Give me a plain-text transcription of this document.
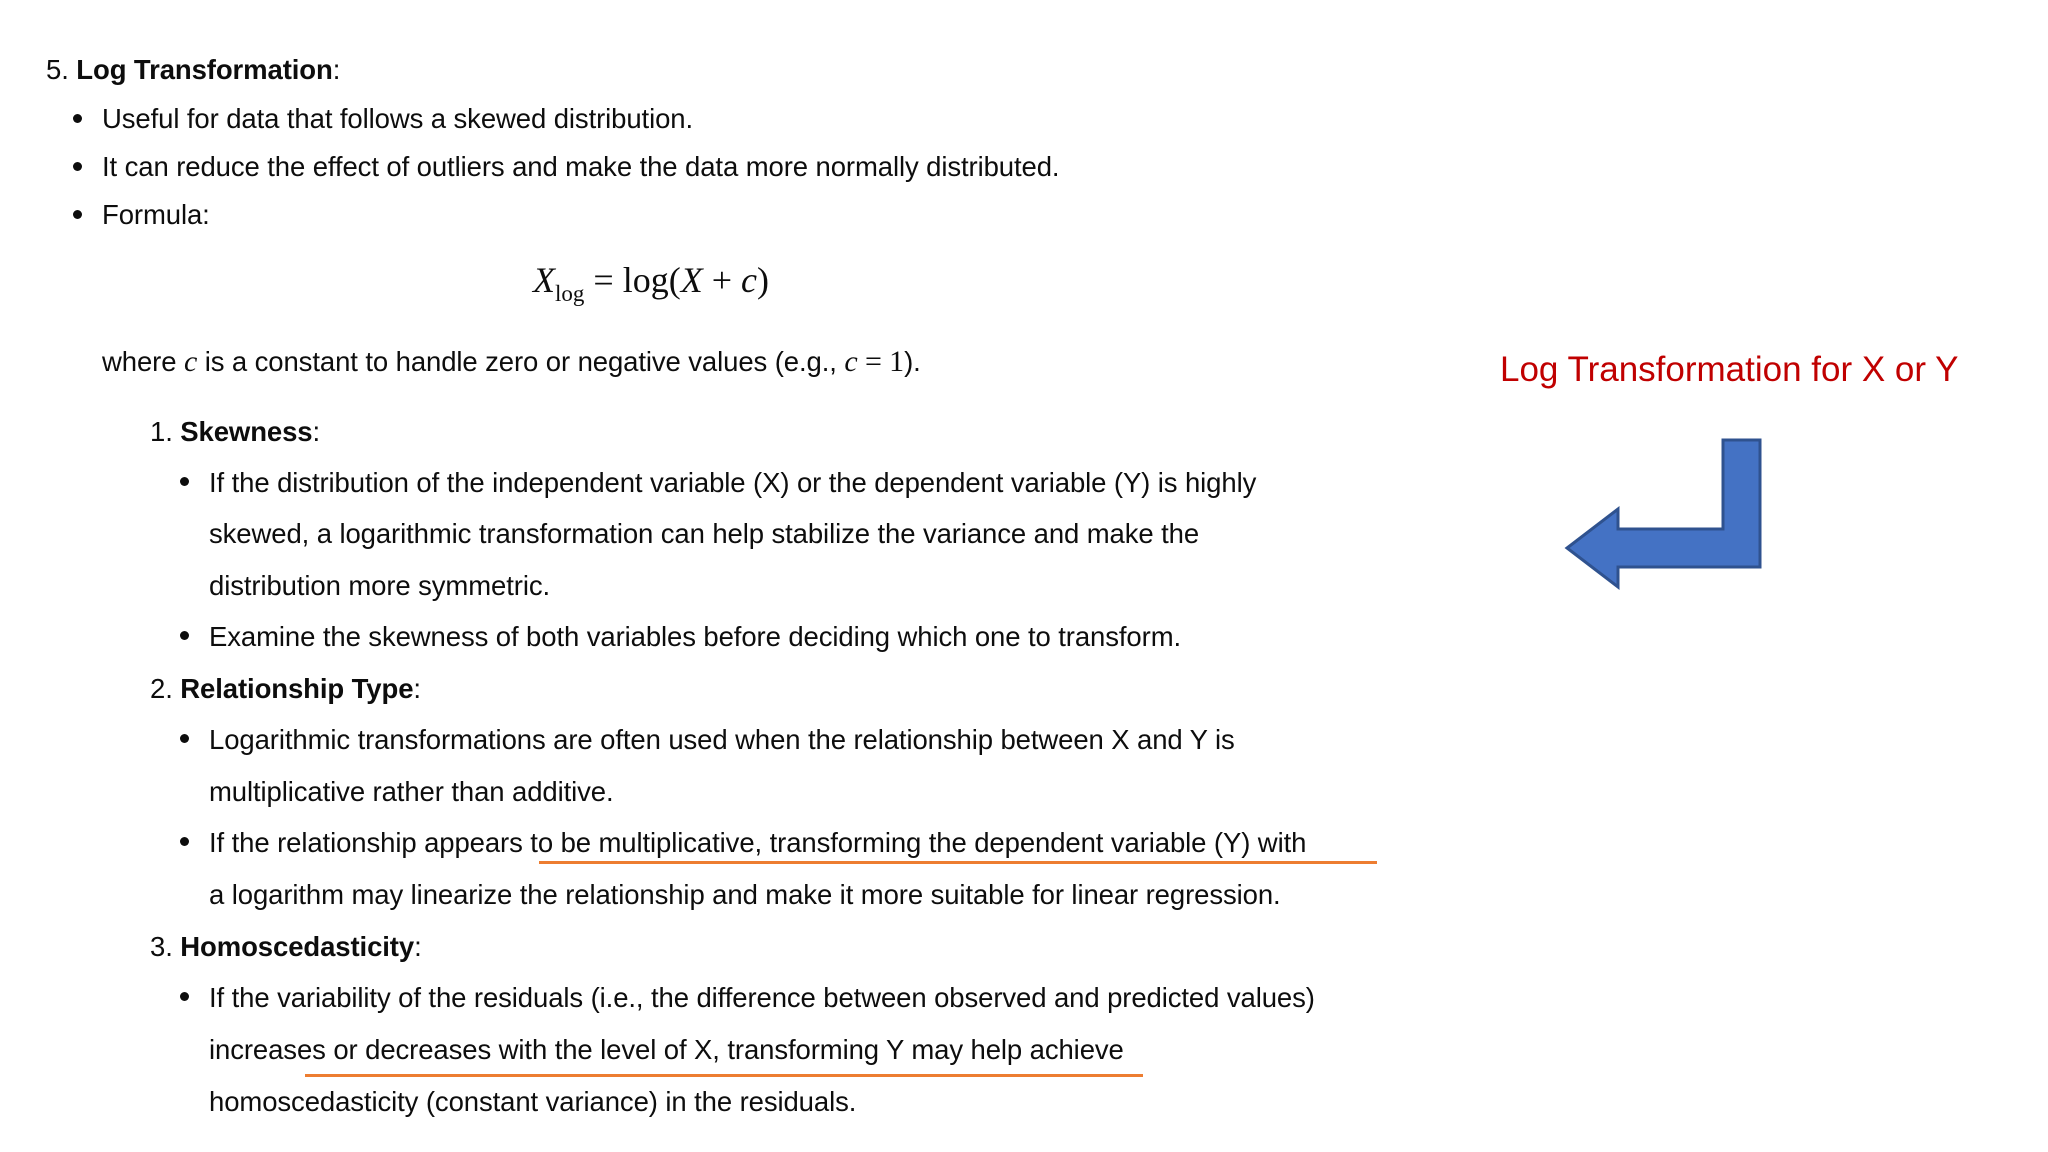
5. Log Transformation:
Useful for data that follows a skewed distribution.
It can reduce the effect of outliers and make the data more normally distributed.
Formula:
$X_{log} = \log(X + c)$
where c is a constant to handle zero or negative values (e.g., c = 1).
1. Skewness:
If the distribution of the independent variable (X) or the dependent variable (Y) is highly
skewed, a logarithmic transformation can help stabilize the variance and make the
distribution more symmetric.
Examine the skewness of both variables before deciding which one to transform.
2. Relationship Type:
Logarithmic transformations are often used when the relationship between X and Y is
multiplicative rather than additive.
If the relationship appears to be multiplicative, transforming the dependent variable (Y) with
a logarithm may linearize the relationship and make it more suitable for linear regression.
3. Homoscedasticity:
If the variability of the residuals (i.e., the difference between observed and predicted values)
increases or decreases with the level of X, transforming Y may help achieve
homoscedasticity (constant variance) in the residuals.
Log Transformation for X or Y
